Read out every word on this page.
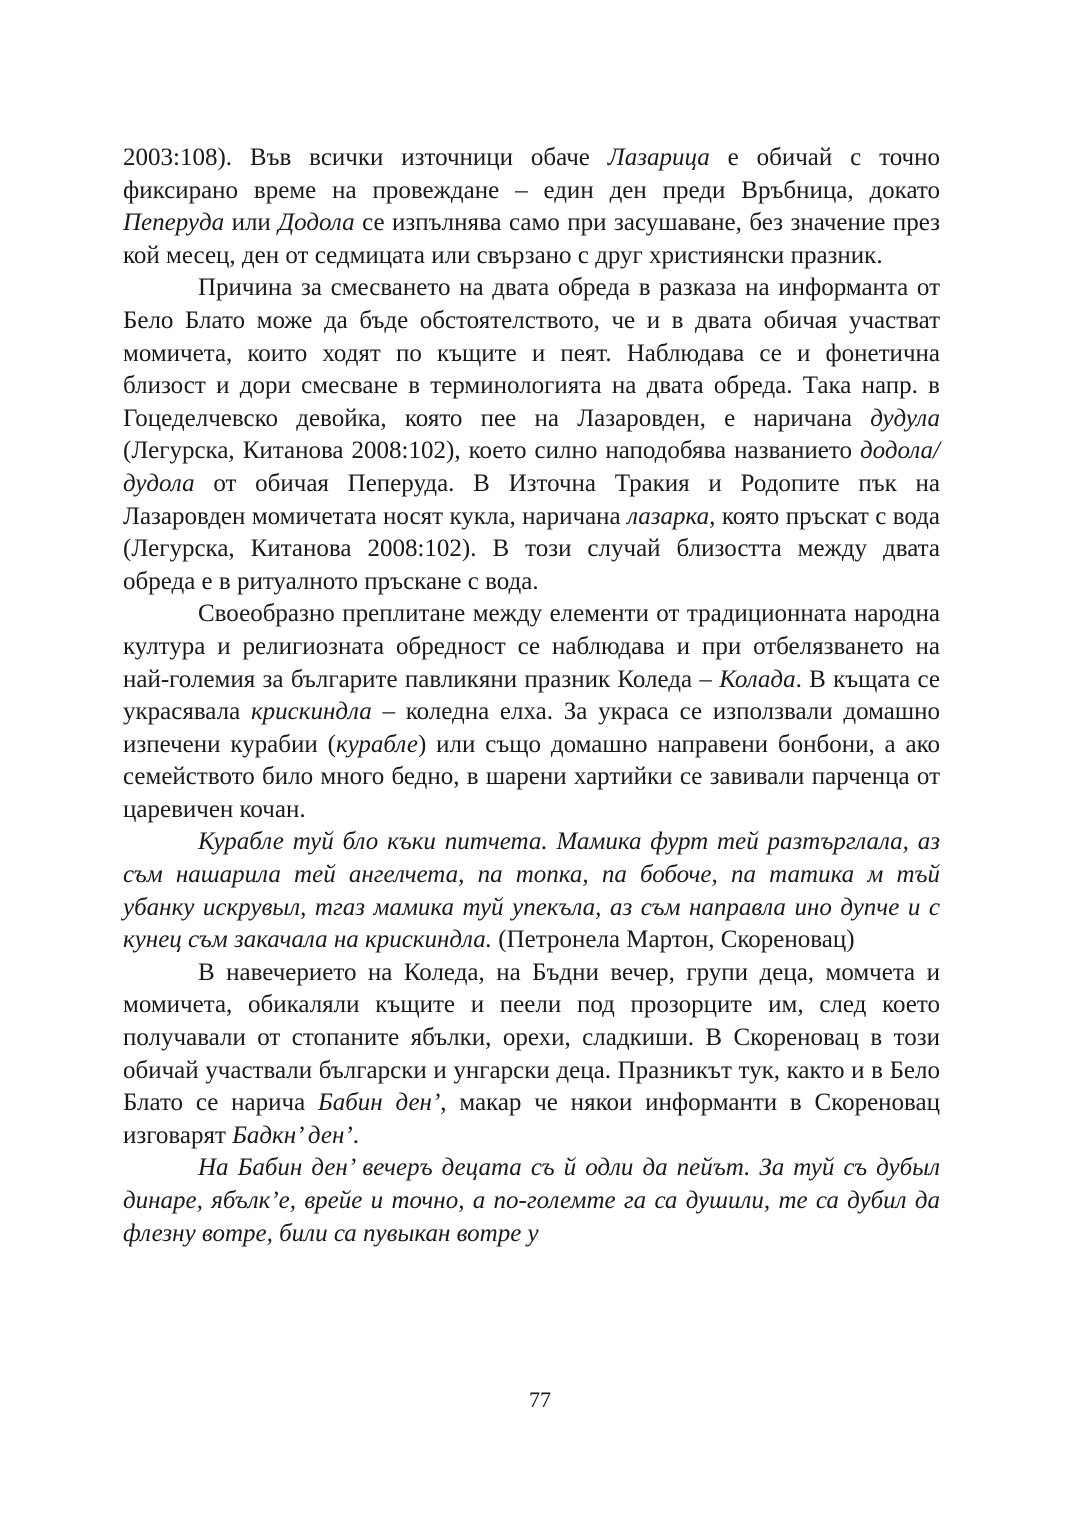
2003:108). Във всички източници обаче Лазарица е обичай с точно фиксирано време на провеждане – един ден преди Връбница, докато Пеперуда или Додола се изпълнява само при засушаване, без значение през кой месец, ден от седмицата или свързано с друг християнски празник.

Причина за смесването на двата обреда в разказа на информанта от Бело Блато може да бъде обстоятелството, че и в двата обичая участват момичета, които ходят по къщите и пеят. Наблюдава се и фонетична близост и дори смесване в терминологията на двата обреда. Така напр. в Гоцеделчевско девойка, която пее на Лазаровден, е наричана дудула (Легурска, Китанова 2008:102), което силно наподобява названието додола/ дудола от обичая Пеперуда. В Източна Тракия и Родопите пък на Лазаровден момичетата носят кукла, наричана лазарка, която пръскат с вода (Легурска, Китанова 2008:102). В този случай близостта между двата обреда е в ритуалното пръскане с вода.

Своеобразно преплитане между елементи от традиционната народна култура и религиозната обредност се наблюдава и при отбелязването на най-големия за българите павликяни празник Коледа – Колада. В къщата се украсявала крискиндла – коледна елха. За украса се използвали домашно изпечени курабии (курабле) или също домашно направени бонбони, а ако семейството било много бедно, в шарени хартийки се завивали парченца от царевичен кочан.

Курабле туй бло къки питчета. Мамика фурт тей разтърглала, аз съм нашарила тей ангелчета, па топка, па бобоче, па татика м тъй убанку искрувыл, тгаз мамика туй упекъла, аз съм направла ино дупче и с кунец съм закачала на крискиндла. (Петронела Мартон, Скореновац)

В навечерието на Коледа, на Бъдни вечер, групи деца, момчета и момичета, обикаляли къщите и пеели под прозорците им, след което получавали от стопаните ябълки, орехи, сладкиши. В Скореновац в този обичай участвали български и унгарски деца. Празникът тук, както и в Бело Блато се нарича Бабин ден’, макар че някои информанти в Скореновац изговарят Бадкн’ ден’.

На Бабин ден’ вечеръ децата съ й одли да пейът. За туй съ дубыл динаре, ябълк’е, врейе и точно, а по-големте га са душили, те са дубил да флезну вотре, били са пувыкан вотре у

77
